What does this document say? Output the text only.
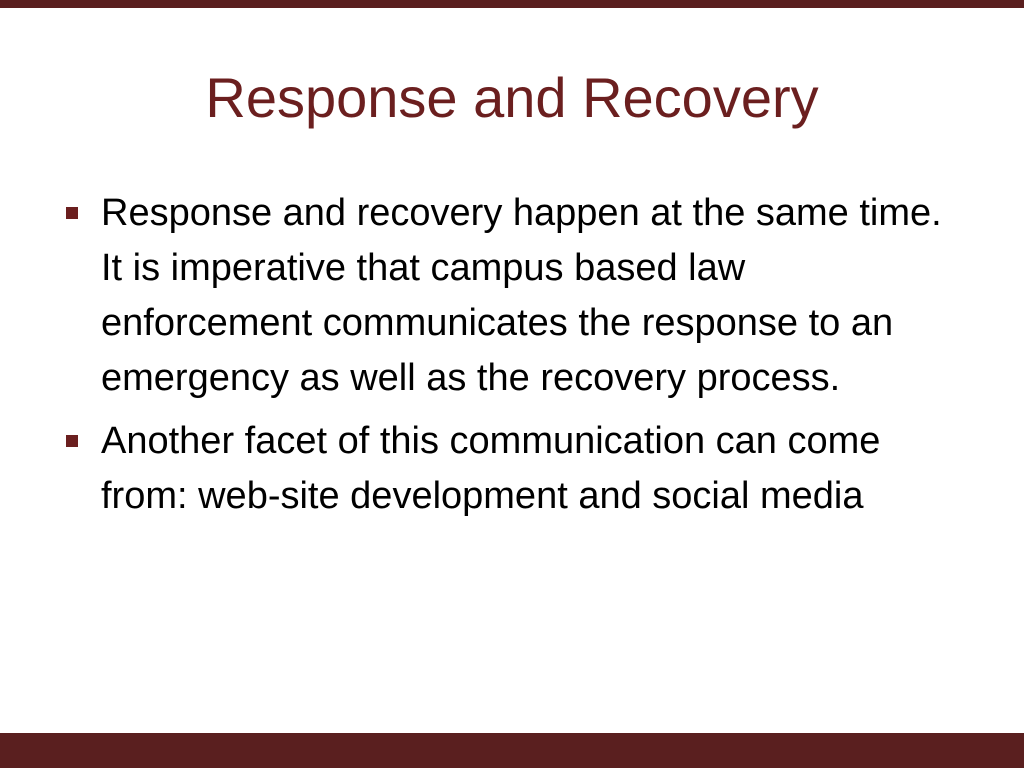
Response and Recovery
Response and recovery happen at the same time. It is imperative that campus based law enforcement communicates the response to an emergency as well as the recovery process.
Another facet of this communication can come from: web-site development and social media
